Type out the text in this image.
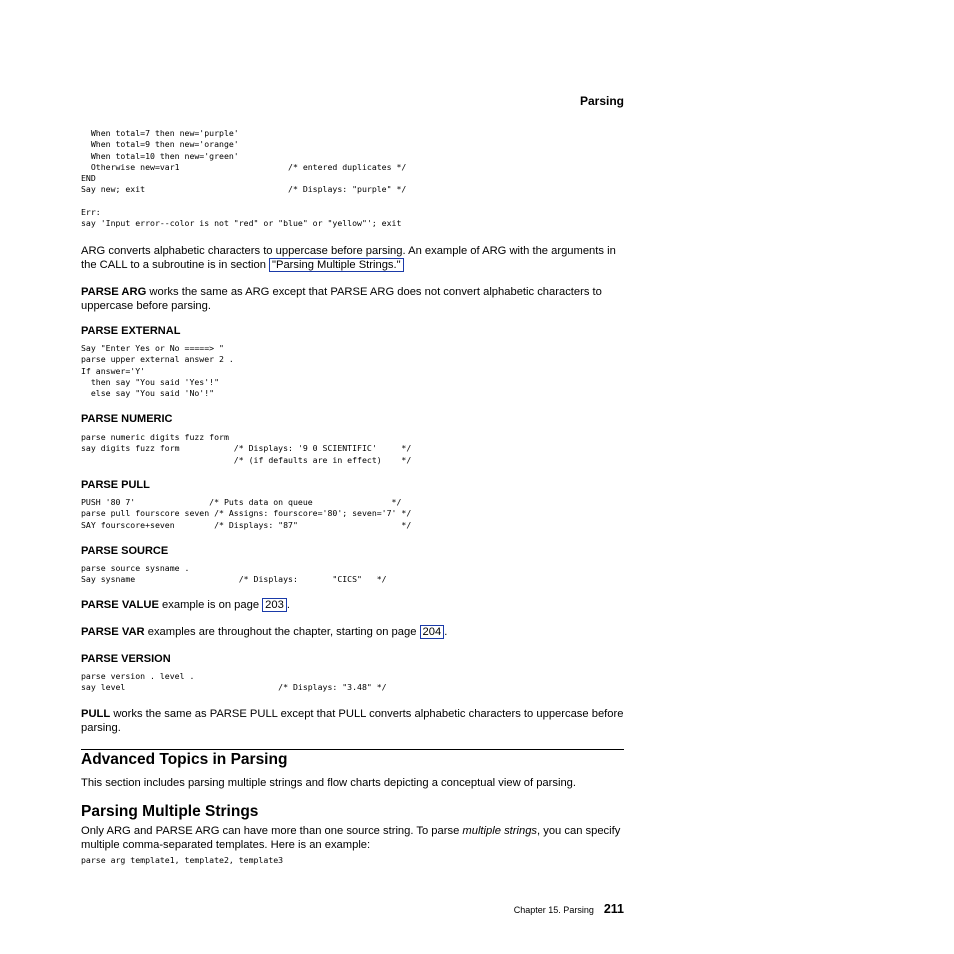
Parsing
When total=7 then new='purple'
When total=9 then new='orange'
When total=10 then new='green'
Otherwise new=var1                      /* entered duplicates */
END
Say new; exit                             /* Displays: "purple" */

Err:
say 'Input error--color is not "red" or "blue" or "yellow"'; exit
ARG converts alphabetic characters to uppercase before parsing. An example of ARG with the arguments in the CALL to a subroutine is in section "Parsing Multiple Strings."
PARSE ARG works the same as ARG except that PARSE ARG does not convert alphabetic characters to uppercase before parsing.
PARSE EXTERNAL
Say "Enter Yes or No =====> "
parse upper external answer 2 .
If answer='Y'
then say "You said 'Yes'!"
else say "You said 'No'!"
PARSE NUMERIC
parse numeric digits fuzz form
say digits fuzz form           /* Displays: '9 0 SCIENTIFIC'     */
/* (if defaults are in effect)    */
PARSE PULL
PUSH '80 7'               /* Puts data on queue                */
parse pull fourscore seven /* Assigns: fourscore='80'; seven='7' */
SAY fourscore+seven        /* Displays: "87"                     */
PARSE SOURCE
parse source sysname .
Say sysname                     /* Displays:       "CICS"   */
PARSE VALUE example is on page 203 .
PARSE VAR examples are throughout the chapter, starting on page 204 .
PARSE VERSION
parse version . level .
say level                               /* Displays: "3.48" */
PULL works the same as PARSE PULL except that PULL converts alphabetic characters to uppercase before parsing.
Advanced Topics in Parsing
This section includes parsing multiple strings and flow charts depicting a conceptual view of parsing.
Parsing Multiple Strings
Only ARG and PARSE ARG can have more than one source string. To parse multiple strings, you can specify multiple comma-separated templates. Here is an example:
parse arg template1, template2, template3
Chapter 15. Parsing 211
